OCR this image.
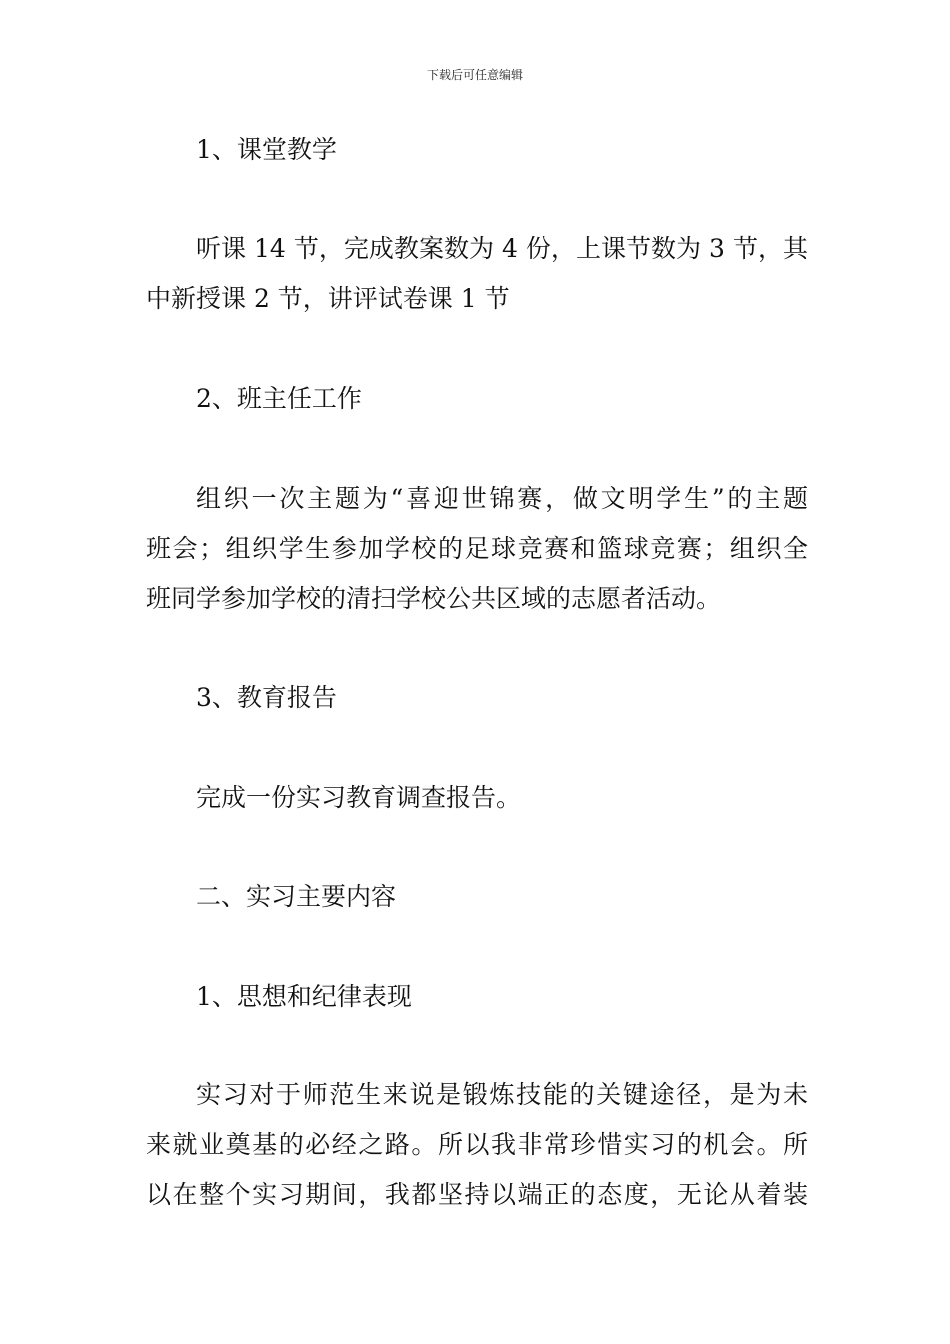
下载后可任意编辑
1、课堂教学
听课 14 节，完成教案数为 4 份，上课节数为 3 节，其
中新授课 2 节，讲评试卷课 1 节
2、班主任工作
组织一次主题为“喜迎世锦赛，做文明学生”的主题
班会；组织学生参加学校的足球竞赛和篮球竞赛；组织全
班同学参加学校的清扫学校公共区域的志愿者活动。
3、教育报告
完成一份实习教育调查报告。
二、实习主要内容
1、思想和纪律表现
实习对于师范生来说是锻炼技能的关键途径，是为未
来就业奠基的必经之路。所以我非常珍惜实习的机会。所
以在整个实习期间，我都坚持以端正的态度，无论从着装
